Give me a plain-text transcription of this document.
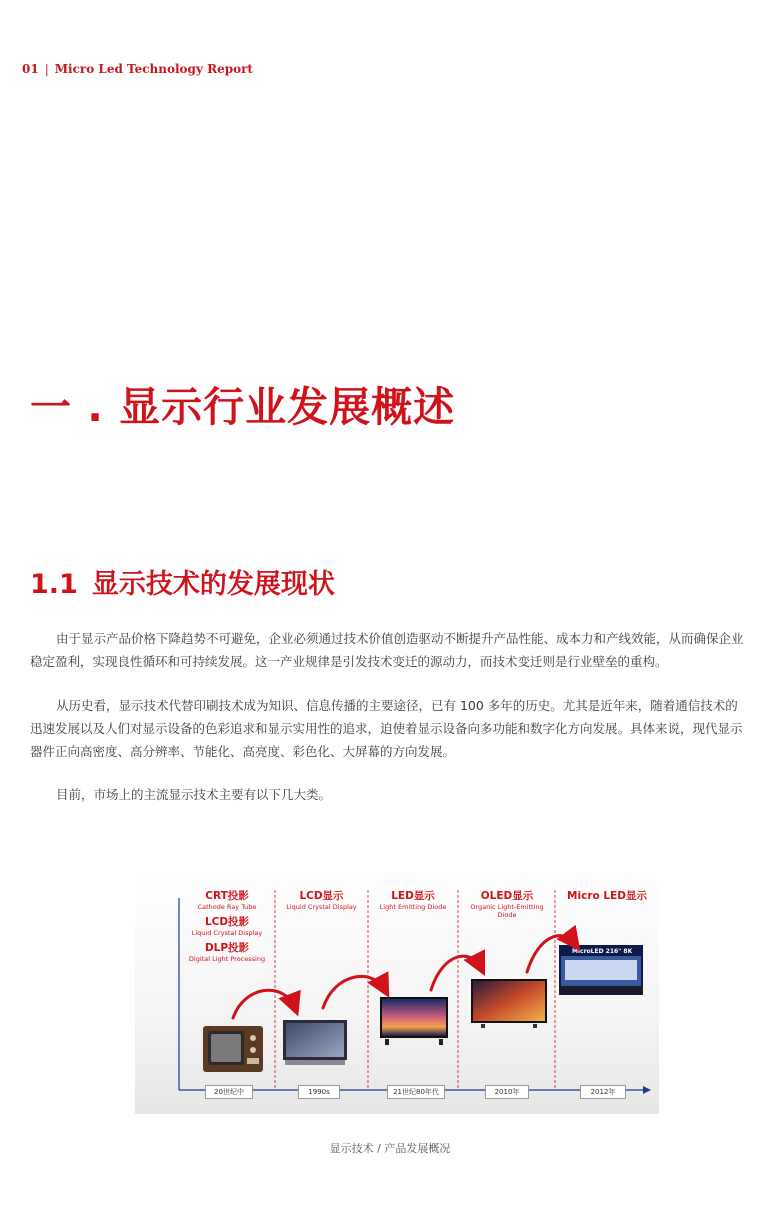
01 | Micro Led Technology Report
一 . 显示行业发展概述
1.1 显示技术的发展现状

由于显示产品价格下降趋势不可避免，企业必须通过技术价值创造驱动不断提升产品性能、成本力和产线效能，从而确保企业稳定盈利，实现良性循环和可持续发展。这一产业规律是引发技术变迁的源动力，而技术变迁则是行业壁垒的重构。

从历史看，显示技术代替印刷技术成为知识、信息传播的主要途径，已有 100 多年的历史。尤其是近年来，随着通信技术的迅速发展以及人们对显示设备的色彩追求和显示实用性的追求，迫使着显示设备向多功能和数字化方向发展。具体来说，现代显示器件正向高密度、高分辨率、节能化、高亮度、彩色化、大屏幕的方向发展。

目前，市场上的主流显示技术主要有以下几大类。

MicroLED 216" 8K
CRT投影
Cathode Ray Tube
LCD投影
Liquid Crystal Display
DLP投影
Digital Light Processing
LCD显示
Liquid Crystal Display
LED显示
Light Emitting Diode
OLED显示
Organic Light-Emitting Diode
Micro LED显示
20世纪中	1990s	21世纪80年代	2010年	2012年
显示技术 / 产品发展概况
